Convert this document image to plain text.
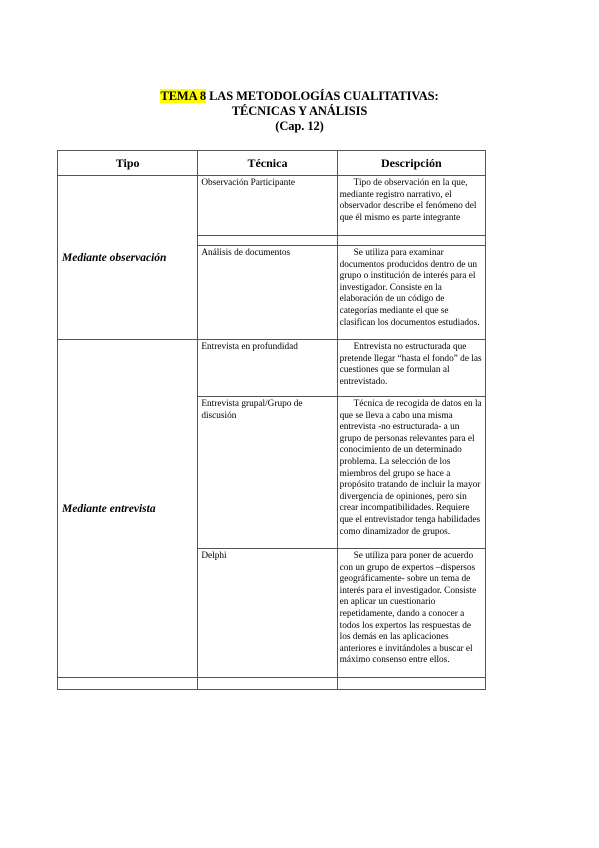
TEMA 8 LAS METODOLOGÍAS CUALITATIVAS:
TÉCNICAS Y ANÁLISIS
(Cap. 12)
Tipo	Técnica	Descripción
Mediante observación	Observación Participante	Tipo de observación en la que, mediante registro narrativo, el observador describe el fenómeno del que él mismo es parte integrante

	Análisis de documentos	Se utiliza para examinar documentos producidos dentro de un grupo o institución de interés para el investigador. Consiste en la elaboración de un código de categorías mediante el que se clasifican los documentos estudiados.

Mediante entrevista	Entrevista en profundidad	Entrevista no estructurada que pretende llegar “hasta el fondo” de las cuestiones que se formulan al entrevistado.

	Entrevista grupal/Grupo de discusión	Técnica de recogida de datos en la que se lleva a cabo una misma entrevista -no estructurada- a un grupo de personas relevantes para el conocimiento de un determinado problema. La selección de los miembros del grupo se hace a propósito tratando de incluir la mayor divergencia de opiniones, pero sin crear incompatibilidades. Requiere que el entrevistador tenga habilidades como dinamizador de grupos.

	Delphi	Se utiliza para poner de acuerdo con un grupo de expertos –dispersos geográficamente- sobre un tema de interés para el investigador. Consiste en aplicar un cuestionario repetidamente, dando a conocer a todos los expertos las respuestas de los demás en las aplicaciones anteriores e invitándoles a buscar el máximo consenso entre ellos.
